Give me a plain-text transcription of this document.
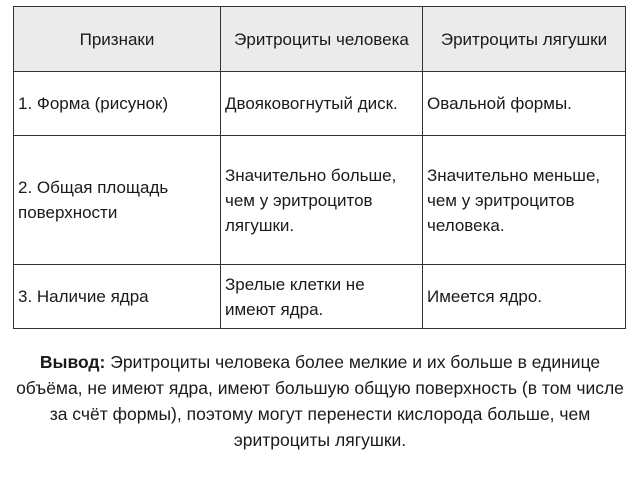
Признаки	Эритроциты человека	Эритроциты лягушки
1. Форма (рисунок)	Двояковогнутый диск.	Овальной формы.
2. Общая площадь поверхности	Значительно больше, чем у эритроцитов лягушки.	Значительно меньше, чем у эритроцитов человека.
3. Наличие ядра	Зрелые клетки не имеют ядра.	Имеется ядро.
Вывод: Эритроциты человека более мелкие и их больше в единице объёма, не имеют ядра, имеют большую общую поверхность (в том числе за счёт формы), поэтому могут перенести кислорода больше, чем эритроциты лягушки.
